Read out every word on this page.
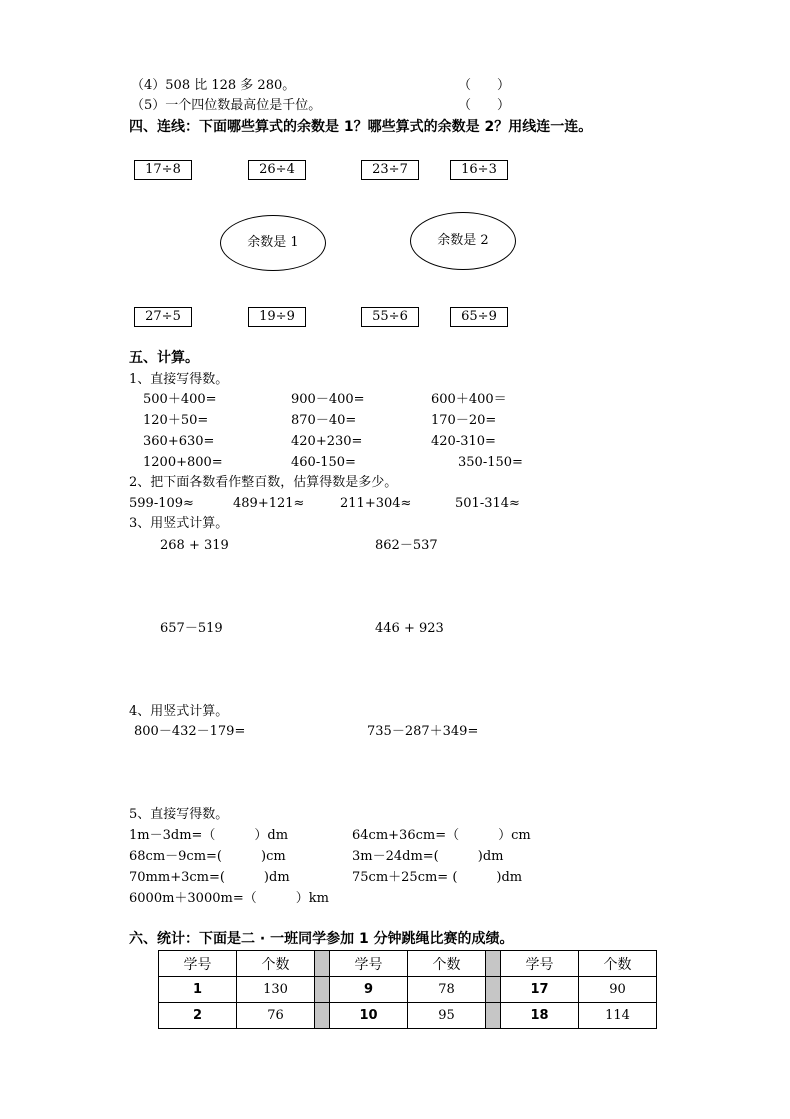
（4）508 比 128 多 280。	（　　）
（5）一个四位数最高位是千位。	（　　）
四、连线：下面哪些算式的余数是 1？哪些算式的余数是 2？用线连一连。
17÷8	26÷4	23÷7	16÷3
余数是 1	余数是 2
27÷5	19÷9	55÷6	65÷9
五、计算。
1、直接写得数。
500＋400=	900－400=	600＋400＝
120＋50=	870－40=	170－20=
360+630=	420+230=	420-310=
1200+800=	460-150=	350-150=
2、把下面各数看作整百数，估算得数是多少。
599-109≈	489+121≈	211+304≈	501-314≈
3、用竖式计算。
268 + 319	862－537
657－519	446 + 923
4、用竖式计算。
800－432－179=	735－287＋349=
5、直接写得数。
1m－3dm=（　　　）dm	64cm+36cm=（　　　）cm
68cm－9cm=(　　　)cm	3m－24dm=(　　　)dm
70mm+3cm=(　　　)dm	75cm＋25cm= (　　　)dm
6000m＋3000m=（　　　）km
六、统计：下面是二 · 一班同学参加 1 分钟跳绳比赛的成绩。
学号	个数		学号	个数		学号	个数
1	130		9	78		17	90
2	76		10	95		18	114
